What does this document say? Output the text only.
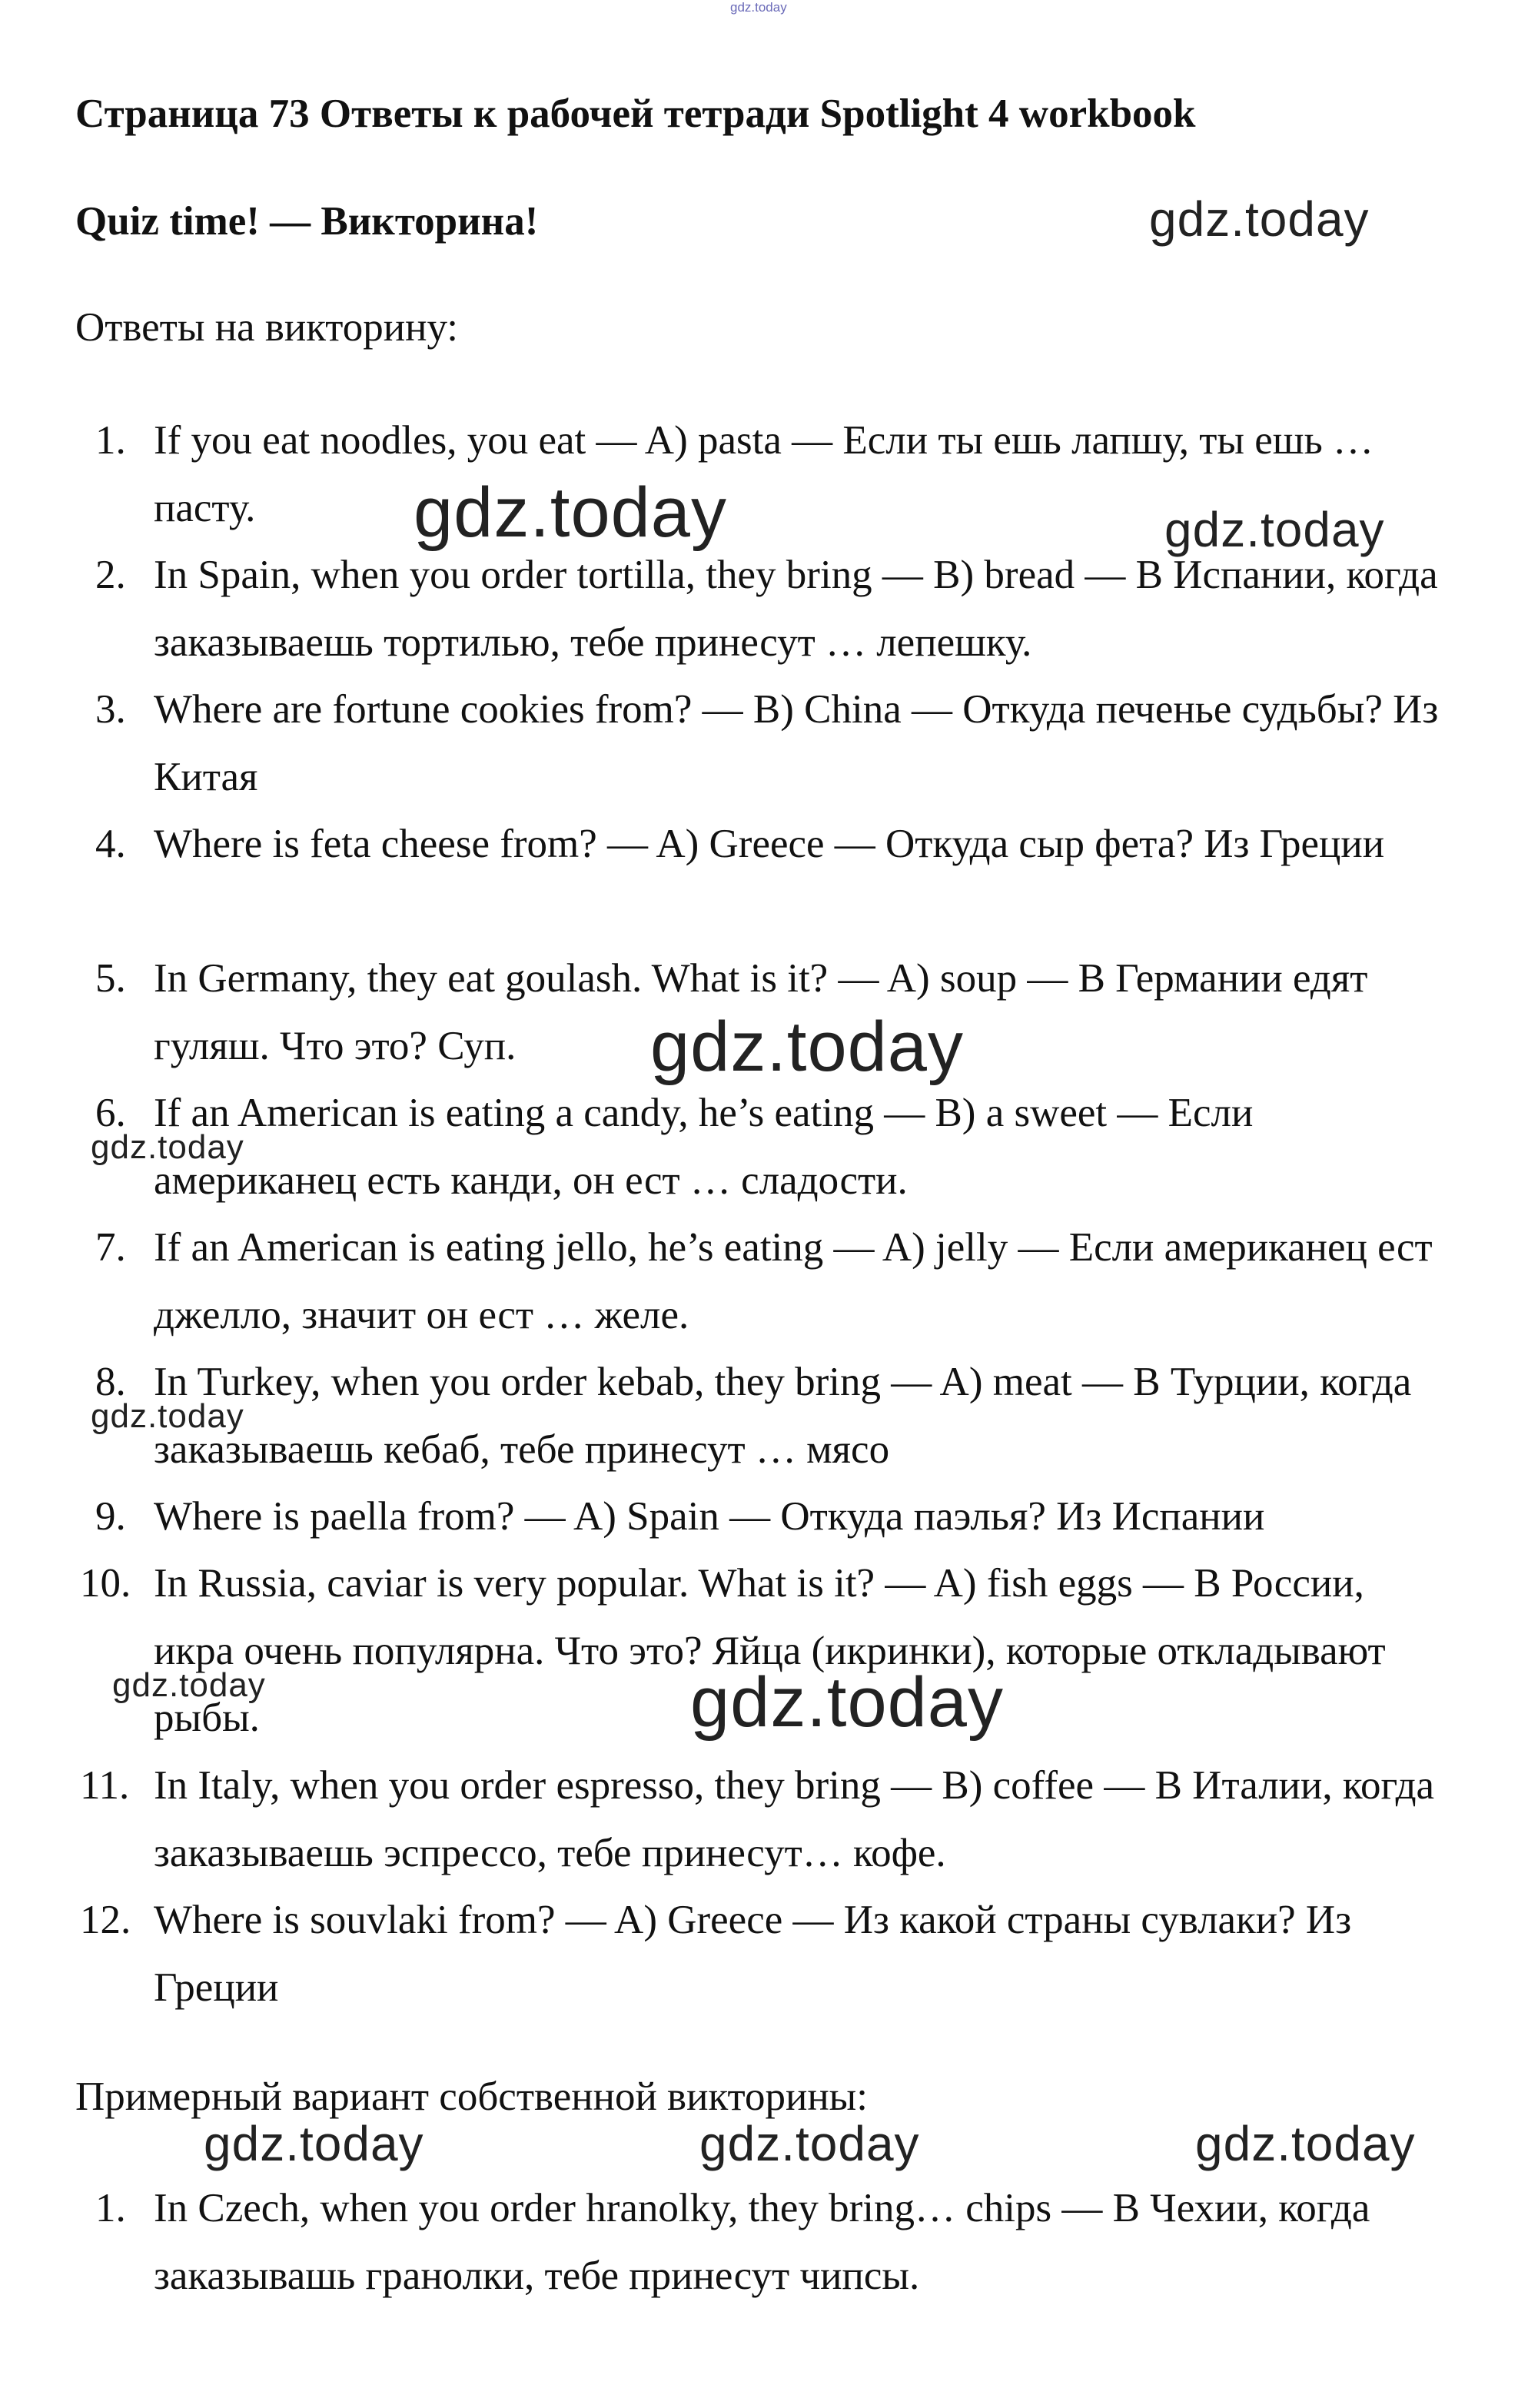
gdz.today
Страница 73 Ответы к рабочей тетради Spotlight 4 workbook
Quiz time! — Викторина!
Ответы на викторину:
1. If you eat noodles, you eat — A) pasta — Если ты ешь лапшу, ты ешь … пасту.
2. In Spain, when you order tortilla, they bring — B) bread — В Испании, когда заказываешь тортилью, тебе принесут … лепешку.
3. Where are fortune cookies from? — B) China — Откуда печенье судьбы? Из Китая
4. Where is feta cheese from? — A) Greece — Откуда сыр фета? Из Греции
5. In Germany, they eat goulash. What is it? — A) soup — В Германии едят гуляш. Что это? Суп.
6. If an American is eating a candy, he’s eating — B) a sweet — Если американец есть канди, он ест … сладости.
7. If an American is eating jello, he’s eating — A) jelly — Если американец ест джелло, значит он ест … желе.
8. In Turkey, when you order kebab, they bring — A) meat — В Турции, когда заказываешь кебаб, тебе принесут … мясо
9. Where is paella from? — A) Spain — Откуда паэлья? Из Испании
10. In Russia, caviar is very popular. What is it? — A) fish eggs — В России, икра очень популярна. Что это? Яйца (икринки), которые откладывают рыбы.
11. In Italy, when you order espresso, they bring — B) coffee — В Италии, когда заказываешь эспрессо, тебе принесут… кофе.
12. Where is souvlaki from? — A) Greece — Из какой страны сувлаки? Из Греции
Примерный вариант собственной викторины:
1. In Czech, when you order hranolky, they bring… chips — В Чехии, когда заказывашь гранолки, тебе принесут чипсы.
gdz.today
gdz.today	gdz.today
gdz.today
gdz.today
gdz.today
gdz.today	gdz.today
gdz.today	gdz.today	gdz.today
